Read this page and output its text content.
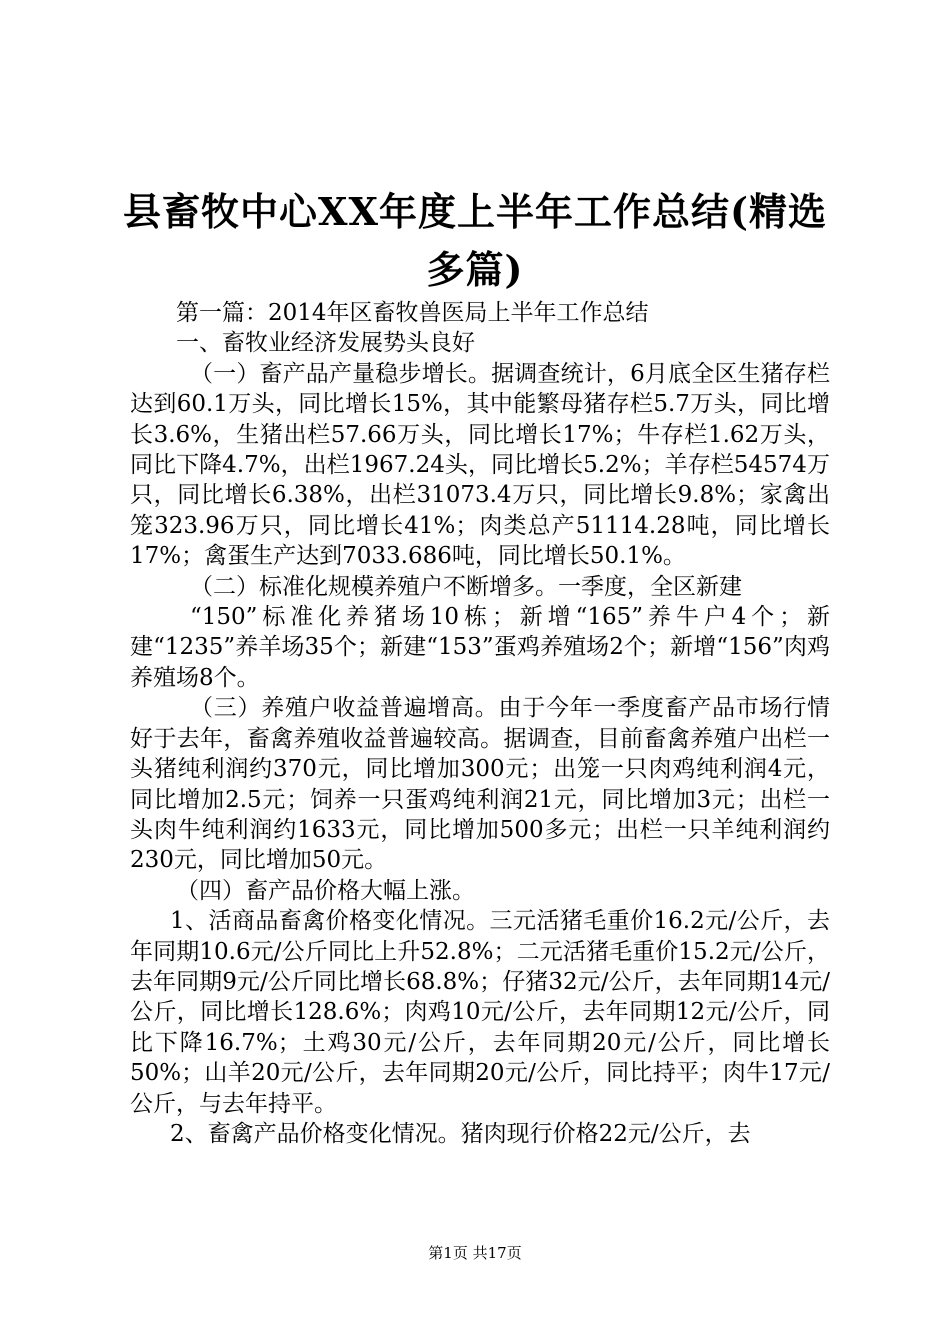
县畜牧中心XX年度上半年工作总结(精选多篇)

第一篇：2014年区畜牧兽医局上半年工作总结

一、畜牧业经济发展势头良好

（一）畜产品产量稳步增长。据调查统计，6月底全区生猪存栏达到60.1万头，同比增长15%，其中能繁母猪存栏5.7万头，同比增长3.6%，生猪出栏57.66万头，同比增长17%；牛存栏1.62万头，同比下降4.7%，出栏1967.24头，同比增长5.2%；羊存栏54574万只，同比增长6.38%，出栏31073.4万只，同比增长9.8%；家禽出笼323.96万只，同比增长41%；肉类总产51114.28吨，同比增长17%；禽蛋生产达到7033.686吨，同比增长50.1%。

（二）标准化规模养殖户不断增多。一季度，全区新建

“150”标准化养猪场10栋；新增“165”养牛户4个；新建“1235”养羊场35个；新建“153”蛋鸡养殖场2个；新增“156”肉鸡养殖场8个。

（三）养殖户收益普遍增高。由于今年一季度畜产品市场行情好于去年，畜禽养殖收益普遍较高。据调查，目前畜禽养殖户出栏一头猪纯利润约370元，同比增加300元；出笼一只肉鸡纯利润4元，同比增加2.5元；饲养一只蛋鸡纯利润21元，同比增加3元；出栏一头肉牛纯利润约1633元，同比增加500多元；出栏一只羊纯利润约230元，同比增加50元。

（四）畜产品价格大幅上涨。

1、活商品畜禽价格变化情况。三元活猪毛重价16.2元/公斤，去年同期10.6元/公斤同比上升52.8%；二元活猪毛重价15.2元/公斤，去年同期9元/公斤同比增长68.8%；仔猪32元/公斤，去年同期14元/公斤，同比增长128.6%；肉鸡10元/公斤，去年同期12元/公斤，同比下降16.7%；土鸡30元/公斤，去年同期20元/公斤，同比增长50%；山羊20元/公斤，去年同期20元/公斤，同比持平；肉牛17元/公斤，与去年持平。

2、畜禽产品价格变化情况。猪肉现行价格22元/公斤，去

第1页 共17页
